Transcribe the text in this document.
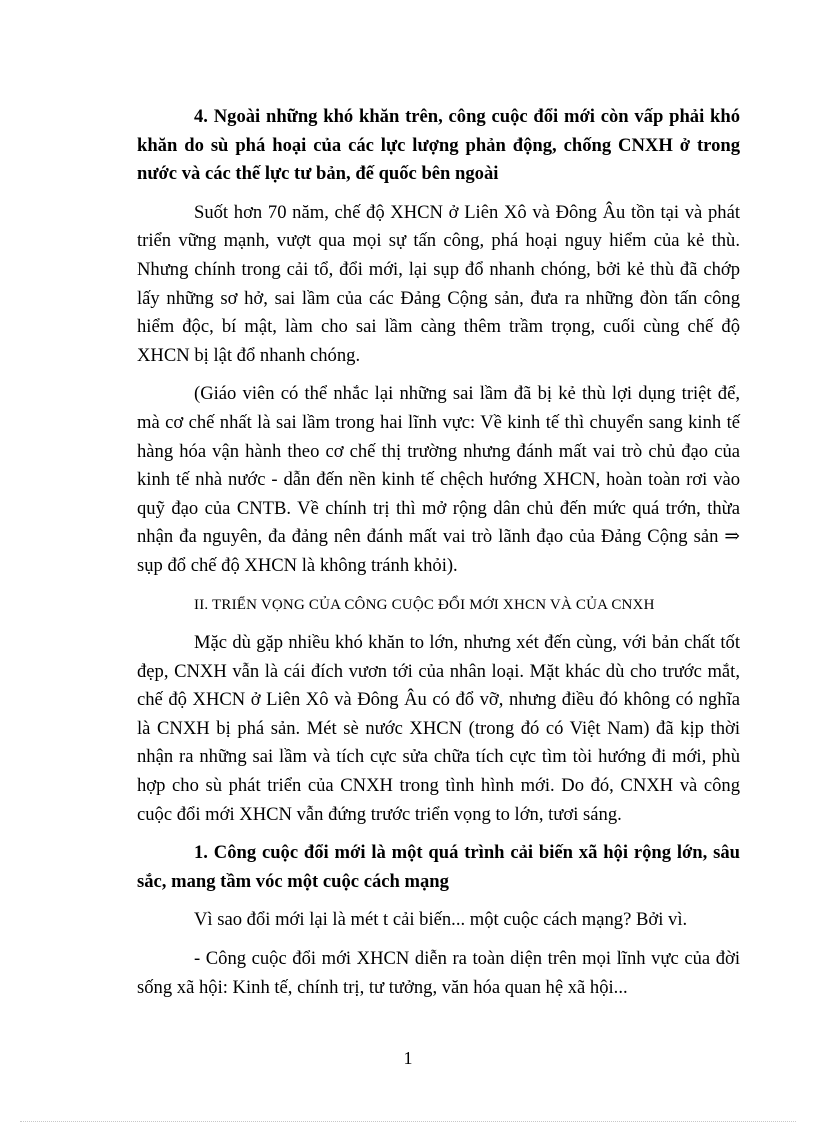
4. Ngoài những khó khăn trên, công cuộc đổi mới còn vấp phải khó khăn do sù phá hoại của các lực lượng phản động, chống CNXH ở trong nước và các thế lực tư bản, đế quốc bên ngoài

Suốt hơn 70 năm, chế độ XHCN ở Liên Xô và Đông Âu tồn tại và phát triển vững mạnh, vượt qua mọi sự tấn công, phá hoại nguy hiểm của kẻ thù. Nhưng chính trong cải tổ, đổi mới, lại sụp đổ nhanh chóng, bởi kẻ thù đã chớp lấy những sơ hở, sai lầm của các Đảng Cộng sản, đưa ra những đòn tấn công hiểm độc, bí mật, làm cho sai lầm càng thêm trầm trọng, cuối cùng chế độ XHCN bị lật đổ nhanh chóng.

(Giáo viên có thể nhắc lại những sai lầm đã bị kẻ thù lợi dụng triệt để, mà cơ chế nhất là sai lầm trong hai lĩnh vực: Về kinh tế thì chuyển sang kinh tế hàng hóa vận hành theo cơ chế thị trường nhưng đánh mất vai trò chủ đạo của kinh tế nhà nước - dẫn đến nền kinh tế chệch hướng XHCN, hoàn toàn rơi vào quỹ đạo của CNTB. Về chính trị thì mở rộng dân chủ đến mức quá trớn, thừa nhận đa nguyên, đa đảng nên đánh mất vai trò lãnh đạo của Đảng Cộng sản ⇒ sụp đổ chế độ XHCN là không tránh khỏi).

II. TRIỂN VỌNG CỦA CÔNG CUỘC ĐỔI MỚI XHCN VÀ CỦA CNXH

Mặc dù gặp nhiều khó khăn to lớn, nhưng xét đến cùng, với bản chất tốt đẹp, CNXH vẫn là cái đích vươn tới của nhân loại. Mặt khác dù cho trước mắt, chế độ XHCN ở Liên Xô và Đông Âu có đổ vỡ, nhưng điều đó không có nghĩa là CNXH bị phá sản. Mét sè nước XHCN (trong đó có Việt Nam) đã kịp thời nhận ra những sai lầm và tích cực sửa chữa tích cực tìm tòi hướng đi mới, phù hợp cho sù phát triển của CNXH trong tình hình mới. Do đó, CNXH và công cuộc đổi mới XHCN vẫn đứng trước triển vọng to lớn, tươi sáng.

1. Công cuộc đổi mới là một quá trình cải biến xã hội rộng lớn, sâu sắc, mang tầm vóc một cuộc cách mạng

Vì sao đổi mới lại là mét t cải biến... một cuộc cách mạng? Bởi vì.

- Công cuộc đổi mới XHCN diễn ra toàn diện trên mọi lĩnh vực của đời sống xã hội: Kinh tế, chính trị, tư tưởng, văn hóa quan hệ xã hội...

1
